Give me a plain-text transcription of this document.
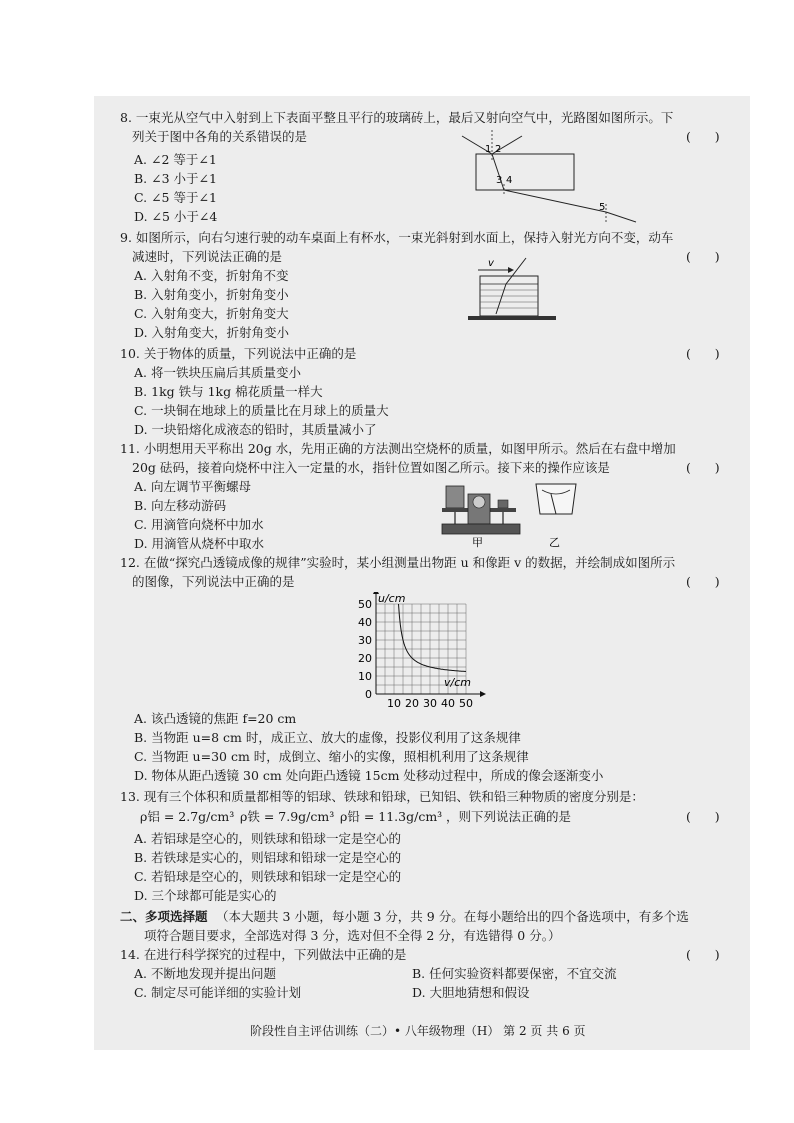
8. 一束光从空气中入射到上下表面平整且平行的玻璃砖上，最后又射向空气中，光路图如图所示。下
列关于图中各角的关系错误的是	(      )
A. ∠2 等于∠1
B. ∠3 小于∠1
C. ∠5 等于∠1
D. ∠5 小于∠4
1 2
3 4
5
9. 如图所示，向右匀速行驶的动车桌面上有杯水，一束光斜射到水面上，保持入射光方向不变，动车
减速时，下列说法正确的是	(      )
A. 入射角不变，折射角不变
B. 入射角变小，折射角变小
C. 入射角变大，折射角变大
D. 入射角变大，折射角变小
v
10. 关于物体的质量，下列说法中正确的是	(      )
A. 将一铁块压扁后其质量变小
B. 1kg 铁与 1kg 棉花质量一样大
C. 一块铜在地球上的质量比在月球上的质量大
D. 一块铅熔化成液态的铅时，其质量减小了
11. 小明想用天平称出 20g 水，先用正确的方法测出空烧杯的质量，如图甲所示。然后在右盘中增加
20g 砝码，接着向烧杯中注入一定量的水，指针位置如图乙所示。接下来的操作应该是	(      )
A. 向左调节平衡螺母
B. 向左移动游码
C. 用滴管向烧杯中加水
D. 用滴管从烧杯中取水	甲	乙
12. 在做“探究凸透镜成像的规律”实验时，某小组测量出物距 u 和像距 v 的数据，并绘制成如图所示
的图像，下列说法中正确的是	(      )
10
20
30
40
50
10 20 30 40 50
0
u/cm
v/cm
A. 该凸透镜的焦距 f=20 cm
B. 当物距 u=8 cm 时，成正立、放大的虚像，投影仪利用了这条规律
C. 当物距 u=30 cm 时，成倒立、缩小的实像，照相机利用了这条规律
D. 物体从距凸透镜 30 cm 处向距凸透镜 15cm 处移动过程中，所成的像会逐渐变小
13. 现有三个体积和质量都相等的铝球、铁球和铅球，已知铝、铁和铅三种物质的密度分别是：
ρ铝 = 2.7g/cm³ ρ铁 = 7.9g/cm³ ρ铅 = 11.3g/cm³ ，则下列说法正确的是	(      )
A. 若铝球是空心的，则铁球和铅球一定是空心的
B. 若铁球是实心的，则铝球和铅球一定是空心的
C. 若铅球是空心的，则铁球和铝球一定是空心的
D. 三个球都可能是实心的
二、多项选择题 （本大题共 3 小题，每小题 3 分，共 9 分。在每小题给出的四个备选项中，有多个选
项符合题目要求，全部选对得 3 分，选对但不全得 2 分，有选错得 0 分。）
14. 在进行科学探究的过程中，下列做法中正确的是	(      )
A. 不断地发现并提出问题	B. 任何实验资料都要保密，不宜交流
C. 制定尽可能详细的实验计划	D. 大胆地猜想和假设
阶段性自主评估训练（二）• 八年级物理（H） 第 2 页 共 6 页
